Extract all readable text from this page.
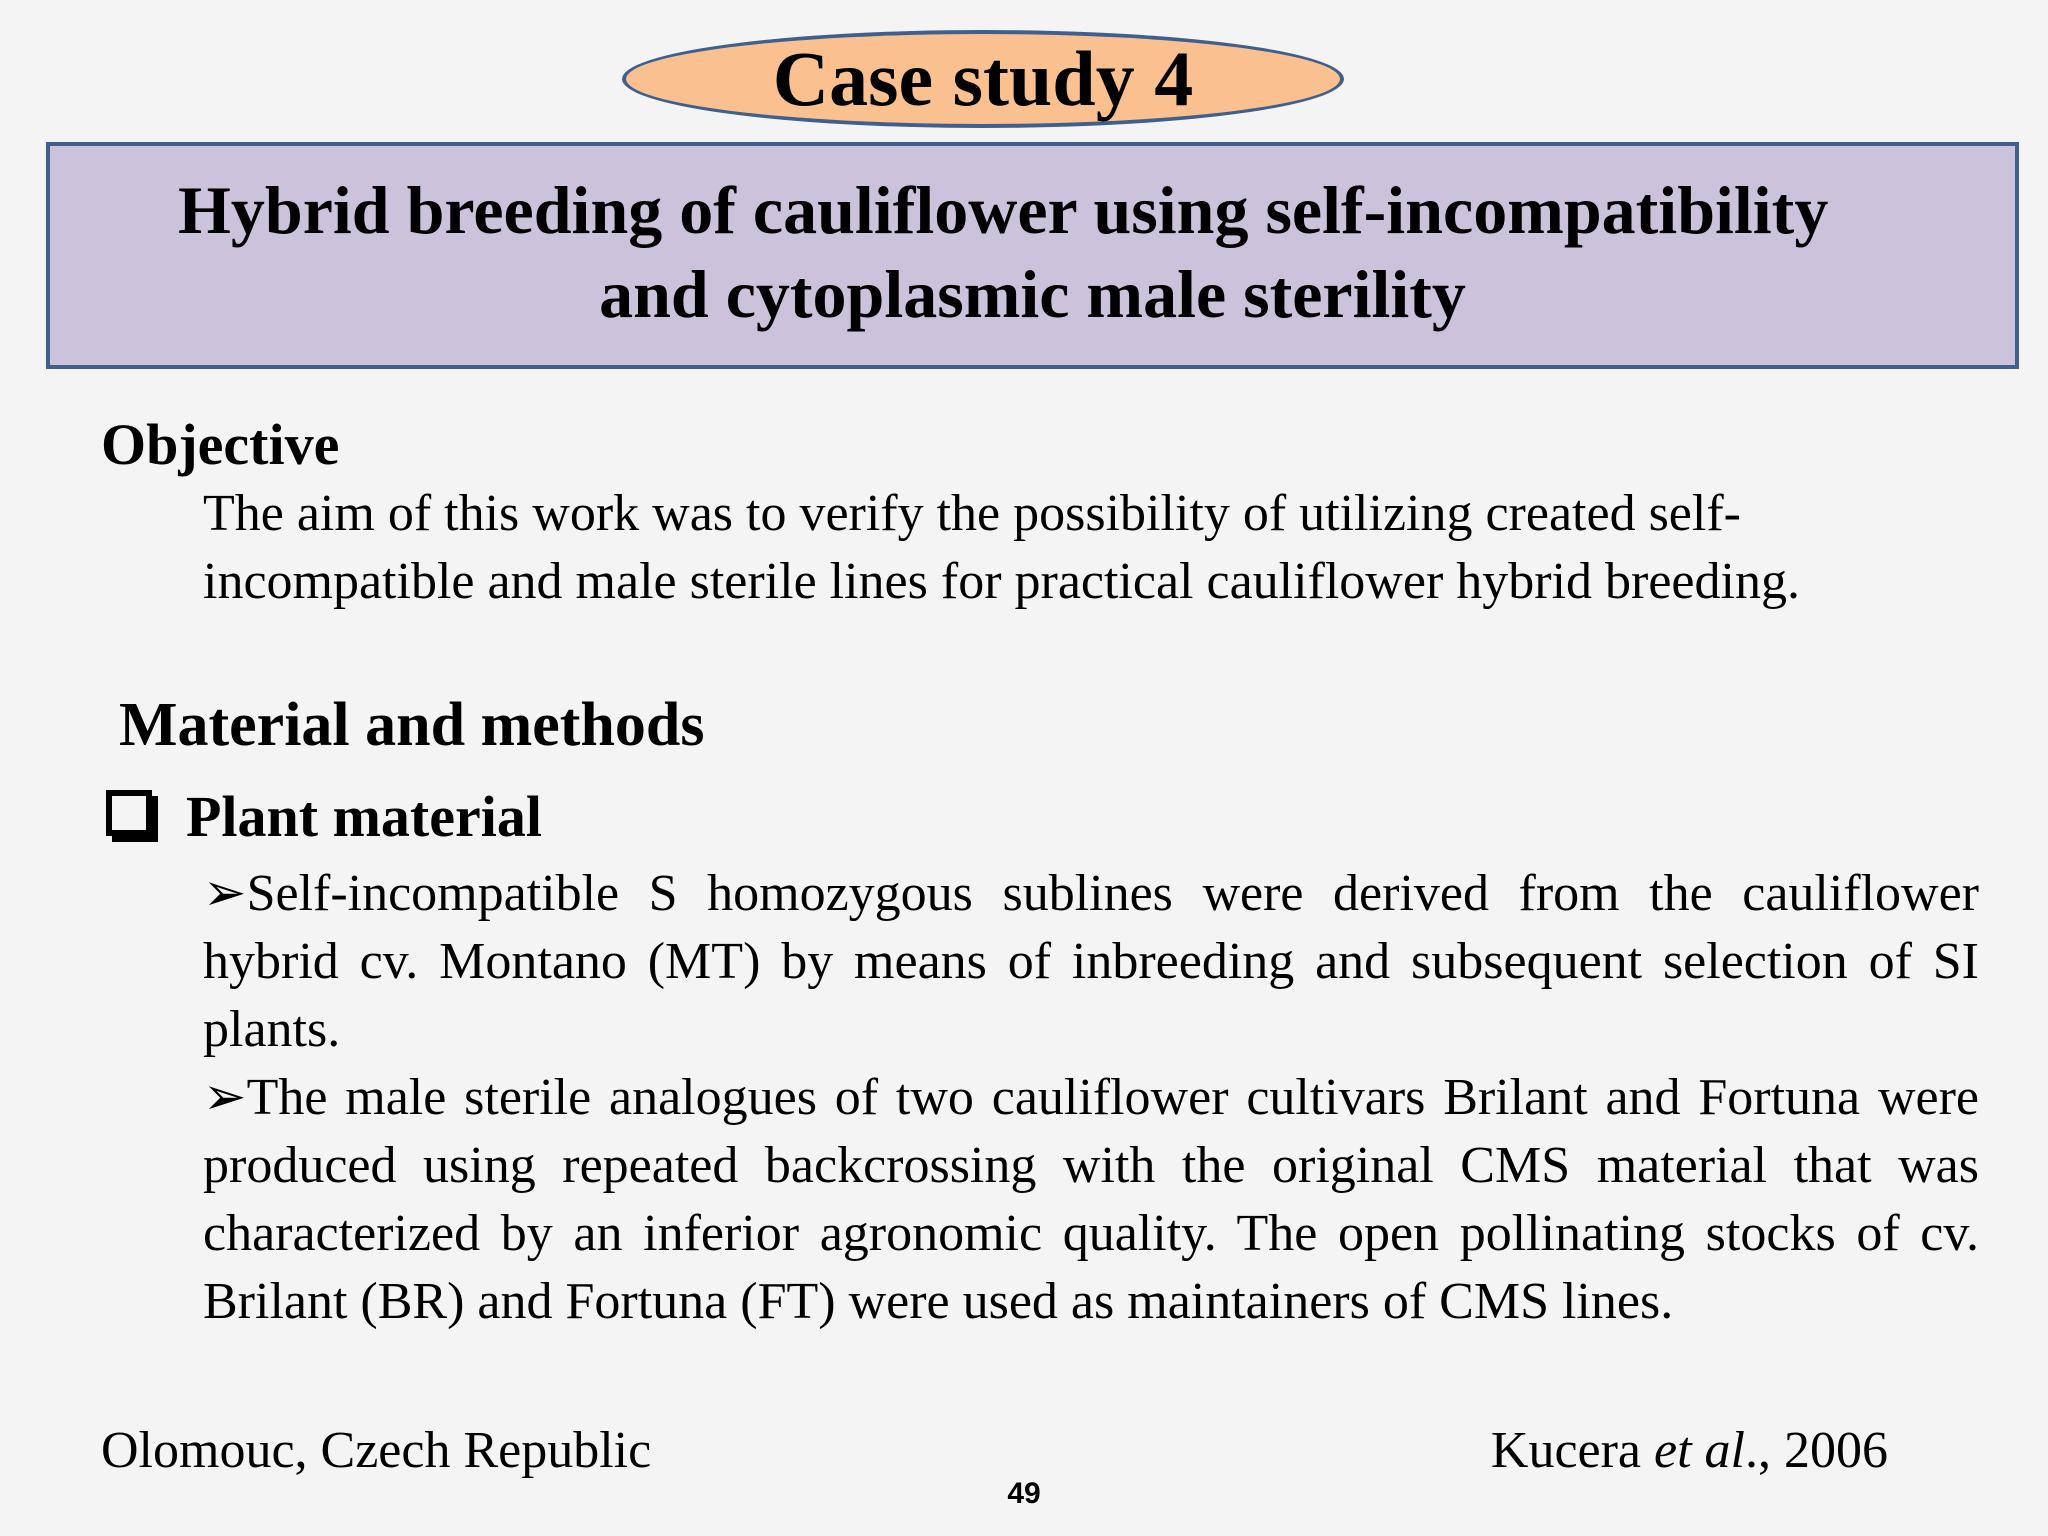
Case study 4
Hybrid breeding of cauliflower using self-incompatibility
and cytoplasmic male sterility
Objective
The aim of this work was to verify the possibility of utilizing created self-
incompatible and male sterile lines for practical cauliflower hybrid breeding.
Material and methods
Plant material
➢Self-incompatible S homozygous sublines were derived from the cauliflower hybrid cv. Montano (MT) by means of inbreeding and subsequent selection of SI plants.
➢The male sterile analogues of two cauliflower cultivars Brilant and Fortuna were produced using repeated backcrossing with the original CMS material that was characterized by an inferior agronomic quality. The open pollinating stocks of cv. Brilant (BR) and Fortuna (FT) were used as maintainers of CMS lines.
Olomouc, Czech Republic	Kucera et al., 2006
49
